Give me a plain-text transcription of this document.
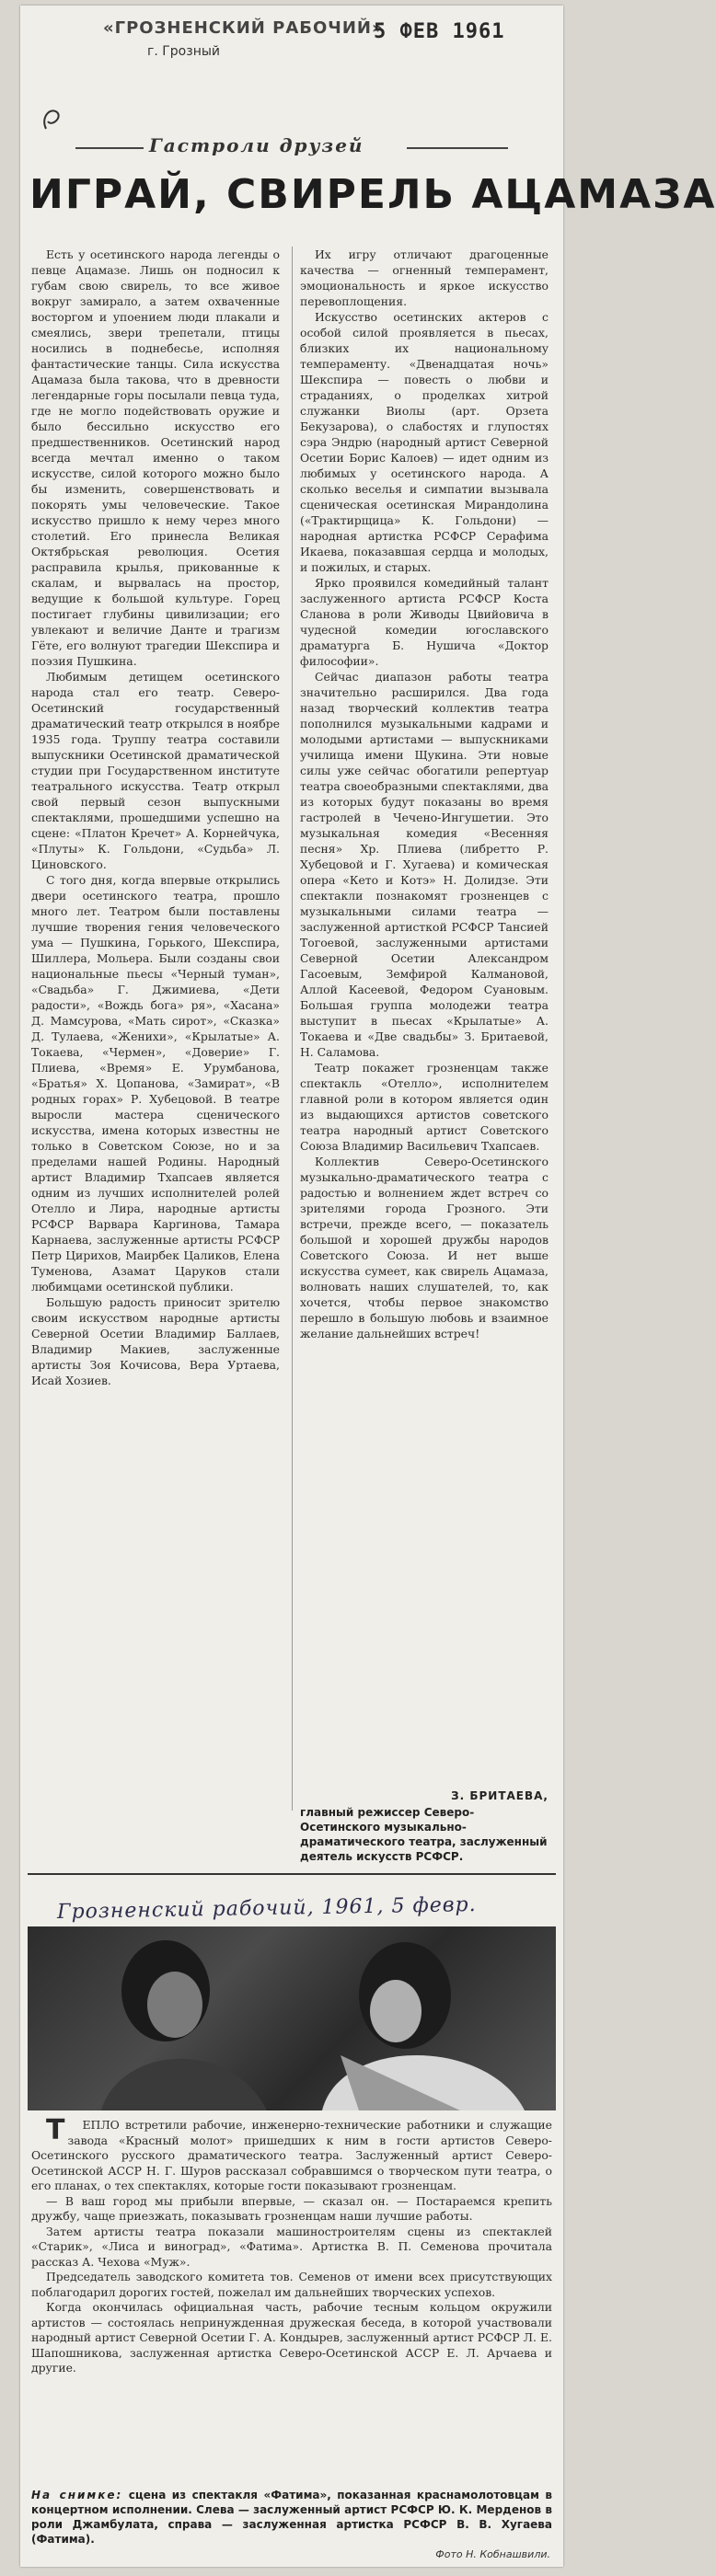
«ГРОЗНЕНСКИЙ РАБОЧИЙ»
г. Грозный
5 ФЕВ 1961
Гастроли друзей
ИГРАЙ, СВИРЕЛЬ АЦАМАЗА

Есть у осетинского народа легенды о певце Ацамазе. Лишь он подносил к губам свою свирель, то все живое вокруг замирало, а затем охваченные восторгом и упоением люди плакали и смеялись, звери трепетали, птицы носились в поднебесье, исполняя фантастические танцы. Сила искусства Ацамаза была такова, что в древности легендарные горы посылали певца туда, где не могло подействовать оружие и было бессильно искусство его предшественников. Осетинский народ всегда мечтал именно о таком искусстве, силой которого можно было бы изменить, совершенствовать и покорять умы человеческие. Такое искусство пришло к нему через много столетий. Его принесла Великая Октябрьская революция. Осетия расправила крылья, прикованные к скалам, и вырвалась на простор, ведущие к большой культуре. Горец постигает глубины цивилизации; его увлекают и величие Данте и трагизм Гёте, его волнуют трагедии Шекспира и поэзия Пушкина.

Любимым детищем осетинского народа стал его театр. Северо-Осетинский государственный драматический театр открылся в ноябре 1935 года. Труппу театра составили выпускники Осетинской драматической студии при Государственном институте театрального искусства. Театр открыл свой первый сезон выпускными спектаклями, прошедшими успешно на сцене: «Платон Кречет» А. Корнейчука, «Плуты» К. Гольдони, «Судьба» Л. Циновского.

С того дня, когда впервые открылись двери осетинского театра, прошло много лет. Театром были поставлены лучшие творения гения человеческого ума — Пушкина, Горького, Шекспира, Шиллера, Мольера. Были созданы свои национальные пьесы «Черный туман», «Свадьба» Г. Джимиева, «Дети радости», «Вождь бога» ря», «Хасана» Д. Мамсурова, «Мать сирот», «Сказка» Д. Тулаева, «Женихи», «Крылатые» А. Токаева, «Чермен», «Доверие» Г. Плиева, «Время» Е. Урумбанова, «Братья» Х. Цопанова, «Замират», «В родных горах» Р. Хубецовой. В театре выросли мастера сценического искусства, имена которых известны не только в Советском Союзе, но и за пределами нашей Родины. Народный артист Владимир Тхапсаев является одним из лучших исполнителей ролей Отелло и Лира, народные артисты РСФСР Варвара Каргинова, Тамара Карнаева, заслуженные артисты РСФСР Петр Цирихов, Маирбек Цаликов, Елена Туменова, Азамат Царуков стали любимцами осетинской публики.

Большую радость приносит зрителю своим искусством народные артисты Северной Осетии Владимир Баллаев, Владимир Макиев, заслуженные артисты Зоя Кочисова, Вера Уртаева, Исай Хозиев.

Их игру отличают драгоценные качества — огненный темперамент, эмоциональность и яркое искусство перевоплощения.

Искусство осетинских актеров с особой силой проявляется в пьесах, близких их национальному темпераменту. «Двенадцатая ночь» Шекспира — повесть о любви и страданиях, о проделках хитрой служанки Виолы (арт. Орзета Бекузарова), о слабостях и глупостях сэра Эндрю (народный артист Северной Осетии Борис Калоев) — идет одним из любимых у осетинского народа. А сколько веселья и симпатии вызывала сценическая осетинская Мирандолина («Трактирщица» К. Гольдони) — народная артистка РСФСР Серафима Икаева, показавшая сердца и молодых, и пожилых, и старых.

Ярко проявился комедийный талант заслуженного артиста РСФСР Коста Сланова в роли Живоды Цвийовича в чудесной комедии югославского драматурга Б. Нушича «Доктор философии».

Сейчас диапазон работы театра значительно расширился. Два года назад творческий коллектив театра пополнился музыкальными кадрами и молодыми артистами — выпускниками училища имени Щукина. Эти новые силы уже сейчас обогатили репертуар театра своеобразными спектаклями, два из которых будут показаны во время гастролей в Чечено-Ингушетии. Это музыкальная комедия «Весенняя песня» Хр. Плиева (либретто Р. Хубецовой и Г. Хугаева) и комическая опера «Кето и Котэ» Н. Долидзе. Эти спектакли познакомят грозненцев с музыкальными силами театра — заслуженной артисткой РСФСР Тансией Тогоевой, заслуженными артистами Северной Осетии Александром Гасоевым, Земфирой Калмановой, Аллой Касеевой, Федором Суановым. Большая группа молодежи театра выступит в пьесах «Крылатые» А. Токаева и «Две свадьбы» З. Бритаевой, Н. Саламова.

Театр покажет грозненцам также спектакль «Отелло», исполнителем главной роли в котором является один из выдающихся артистов советского театра народный артист Советского Союза Владимир Васильевич Тхапсаев.

Коллектив Северо-Осетинского музыкально-драматического театра с радостью и волнением ждет встреч со зрителями города Грозного. Эти встречи, прежде всего, — показатель большой и хорошей дружбы народов Советского Союза. И нет выше искусства сумеет, как свирель Ацамаза, волновать наших слушателей, то, как хочется, чтобы первое знакомство перешло в большую любовь и взаимное желание дальнейших встреч!

З. БРИТАЕВА,
главный режиссер Северо-Осетинского музыкально-драматического театра, заслуженный деятель искусств РСФСР.
Грозненский рабочий, 1961, 5 февр.

ТЕПЛО встретили рабочие, инженерно-технические работники и служащие завода «Красный молот» пришедших к ним в гости артистов Северо-Осетинского русского драматического театра. Заслуженный артист Северо-Осетинской АССР Н. Г. Шуров рассказал собравшимся о творческом пути театра, о его планах, о тех спектаклях, которые гости показывают грозненцам.

— В ваш город мы прибыли впервые, — сказал он. — Постараемся крепить дружбу, чаще приезжать, показывать грозненцам наши лучшие работы.

Затем артисты театра показали машиностроителям сцены из спектаклей «Старик», «Лиса и виноград», «Фатима». Артистка В. П. Семенова прочитала рассказ А. Чехова «Муж».

Председатель заводского комитета тов. Семенов от имени всех присутствующих поблагодарил дорогих гостей, пожелал им дальнейших творческих успехов.

Когда окончилась официальная часть, рабочие тесным кольцом окружили артистов — состоялась непринужденная дружеская беседа, в которой участвовали народный артист Северной Осетии Г. А. Кондырев, заслуженный артист РСФСР Л. Е. Шапошникова, заслуженная артистка Северо-Осетинской АССР Е. Л. Арчаева и другие.

На снимке: сцена из спектакля «Фатима», показанная краснамолотовцам в концертном исполнении. Слева — заслуженный артист РСФСР Ю. К. Мерденов в роли Джамбулата, справа — заслуженная артистка РСФСР В. В. Хугаева (Фатима).
Фото Н. Кобнашвили.
